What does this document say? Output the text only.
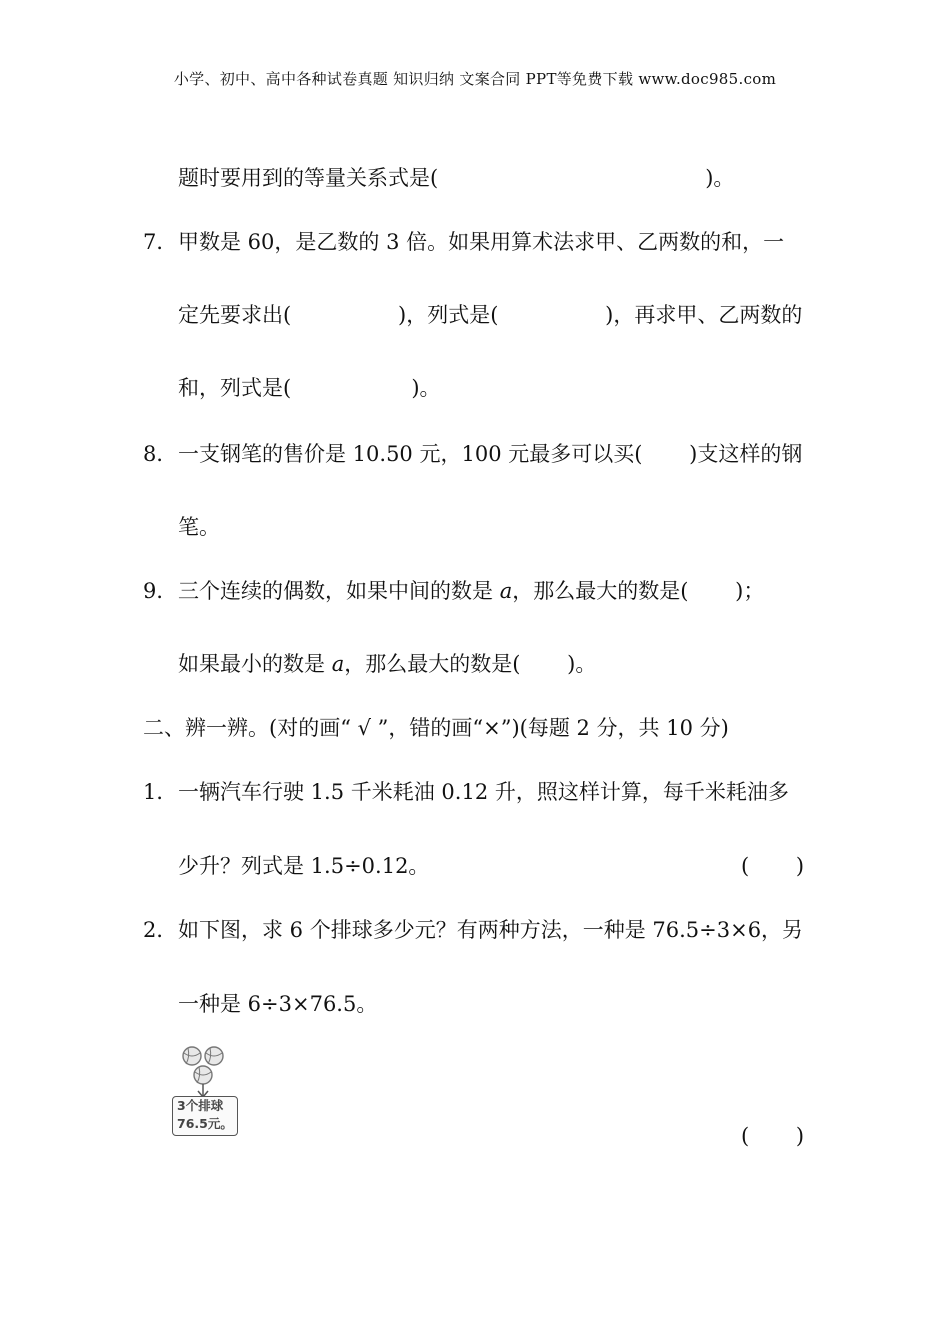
小学、初中、高中各种试卷真题 知识归纳 文案合同 PPT等免费下载 www.doc985.com
题时要用到的等量关系式是(                                        )。
7． 甲数是 60，是乙数的 3 倍。如果用算术法求甲、乙两数的和，一
定先要求出(                )，列式是(                )，再求甲、乙两数的
和，列式是(                  )。
8． 一支钢笔的售价是 10.50 元，100 元最多可以买(       )支这样的钢
笔。
9． 三个连续的偶数，如果中间的数是 a，那么最大的数是(       )；
如果最小的数是 a，那么最大的数是(       )。
二、辨一辨。(对的画“ √ ”，错的画“×”)(每题 2 分，共 10 分)
1． 一辆汽车行驶 1.5 千米耗油 0.12 升，照这样计算，每千米耗油多
少升？列式是 1.5÷0.12。	(       )
2． 如下图，求 6 个排球多少元？有两种方法，一种是 76.5÷3×6，另
一种是 6÷3×76.5。
3个排球
76.5元。
(       )
